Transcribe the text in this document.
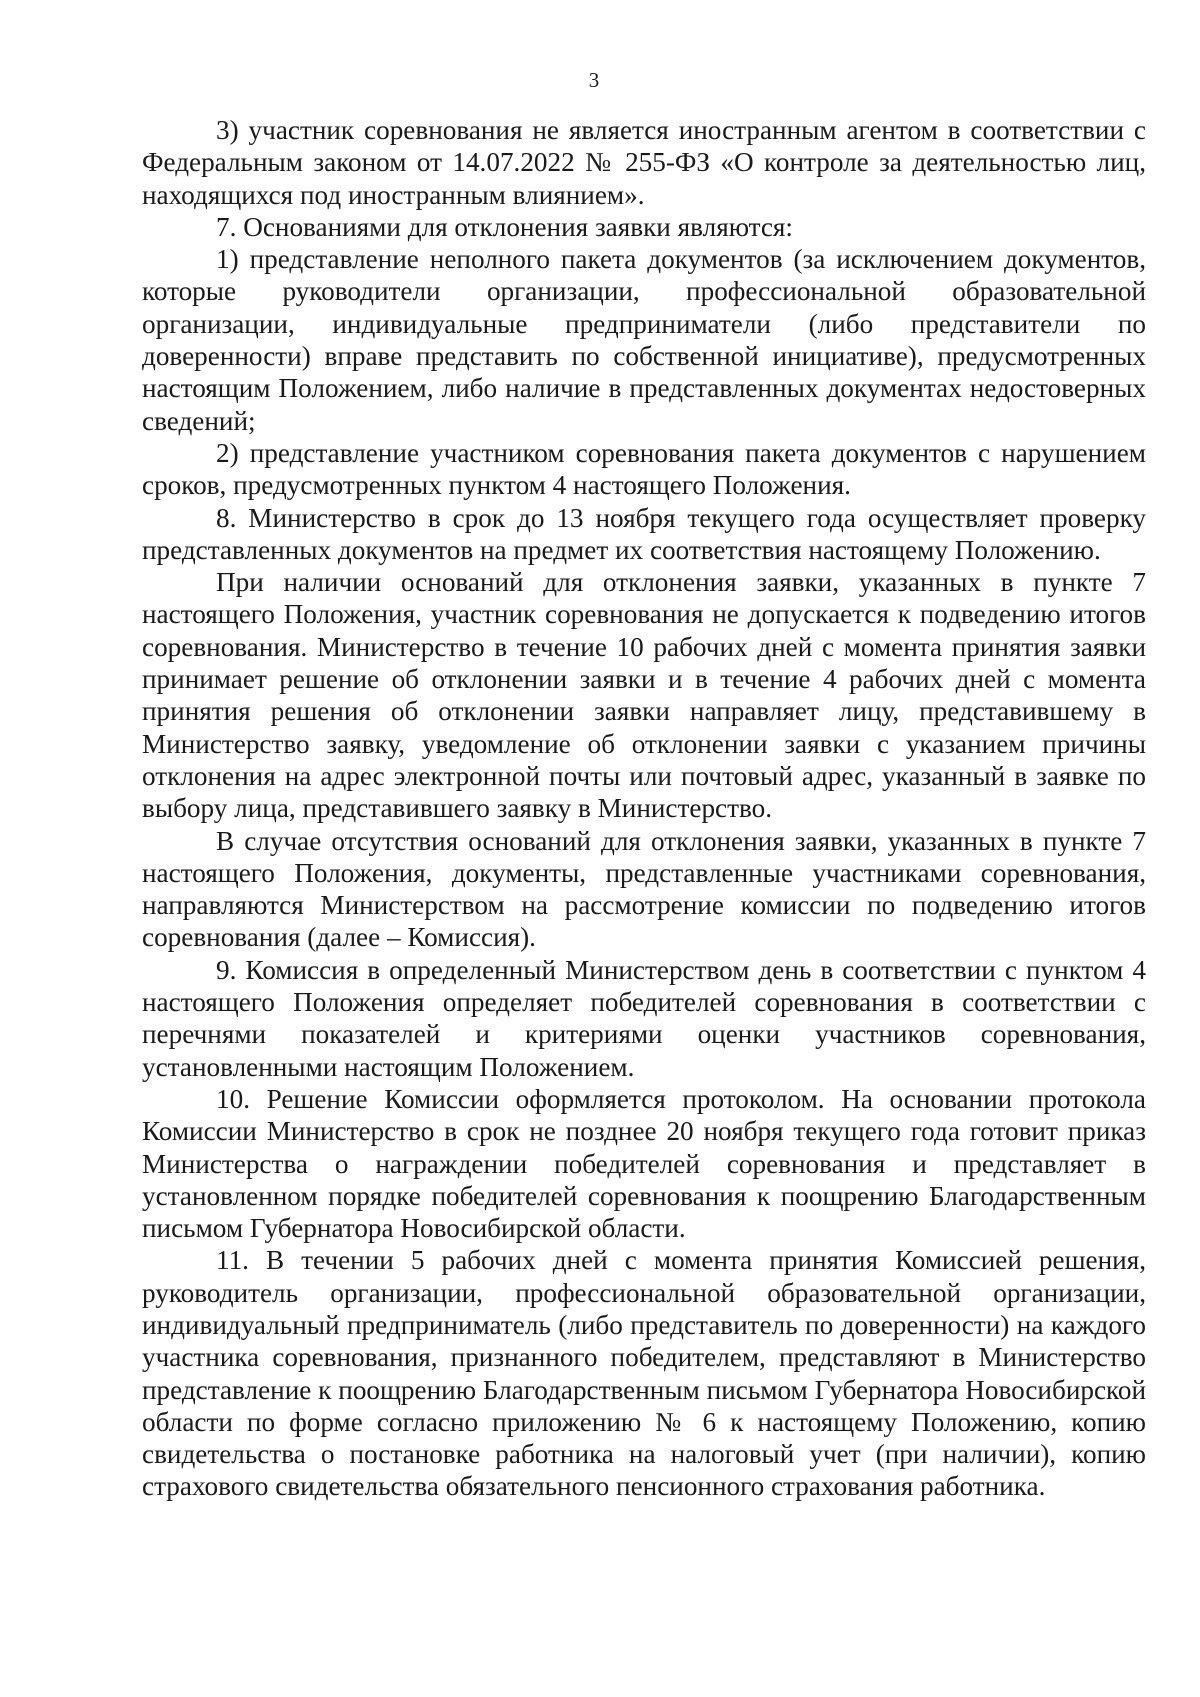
3

3) участник соревнования не является иностранным агентом в соответствии с Федеральным законом от 14.07.2022 № 255-ФЗ «О контроле за деятельностью лиц, находящихся под иностранным влиянием».

7. Основаниями для отклонения заявки являются:

1) представление неполного пакета документов (за исключением документов, которые руководители организации, профессиональной образовательной организации, индивидуальные предприниматели (либо представители по доверенности) вправе представить по собственной инициативе), предусмотренных настоящим Положением, либо наличие в представленных документах недостоверных сведений;

2) представление участником соревнования пакета документов с нарушением сроков, предусмотренных пунктом 4 настоящего Положения.

8. Министерство в срок до 13 ноября текущего года осуществляет проверку представленных документов на предмет их соответствия настоящему Положению.

При наличии оснований для отклонения заявки, указанных в пункте 7 настоящего Положения, участник соревнования не допускается к подведению итогов соревнования. Министерство в течение 10 рабочих дней с момента принятия заявки принимает решение об отклонении заявки и в течение 4 рабочих дней с момента принятия решения об отклонении заявки направляет лицу, представившему в Министерство заявку, уведомление об отклонении заявки с указанием причины отклонения на адрес электронной почты или почтовый адрес, указанный в заявке по выбору лица, представившего заявку в Министерство.

В случае отсутствия оснований для отклонения заявки, указанных в пункте 7 настоящего Положения, документы, представленные участниками соревнования, направляются Министерством на рассмотрение комиссии по подведению итогов соревнования (далее – Комиссия).

9. Комиссия в определенный Министерством день в соответствии с пунктом 4 настоящего Положения определяет победителей соревнования в соответствии с перечнями показателей и критериями оценки участников соревнования, установленными настоящим Положением.

10. Решение Комиссии оформляется протоколом. На основании протокола Комиссии Министерство в срок не позднее 20 ноября текущего года готовит приказ Министерства о награждении победителей соревнования и представляет в установленном порядке победителей соревнования к поощрению Благодарственным письмом Губернатора Новосибирской области.

11. В течении 5 рабочих дней с момента принятия Комиссией решения, руководитель организации, профессиональной образовательной организации, индивидуальный предприниматель (либо представитель по доверенности) на каждого участника соревнования, признанного победителем, представляют в Министерство представление к поощрению Благодарственным письмом Губернатора Новосибирской области по форме согласно приложению № 6 к настоящему Положению, копию свидетельства о постановке работника на налоговый учет (при наличии), копию страхового свидетельства обязательного пенсионного страхования работника.
